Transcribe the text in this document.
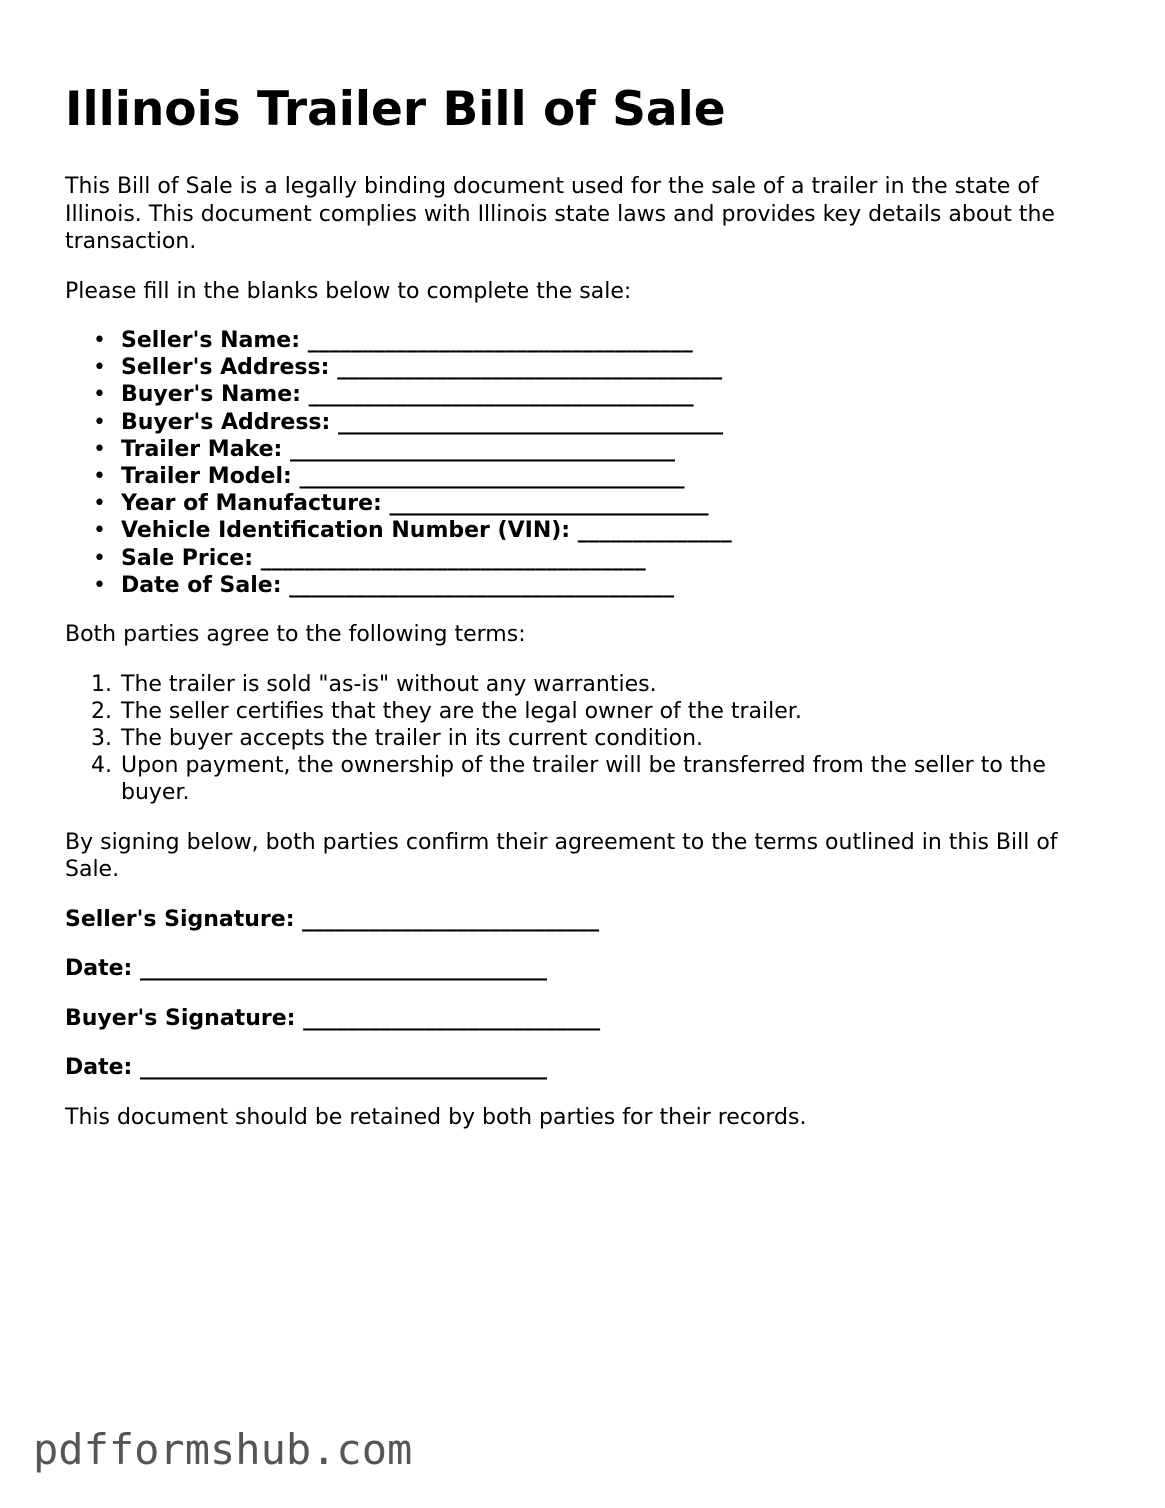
Illinois Trailer Bill of Sale

This Bill of Sale is a legally binding document used for the sale of a trailer in the state of Illinois. This document complies with Illinois state laws and provides key details about the transaction.

Please fill in the blanks below to complete the sale:

• Seller's Name: ___________________________________
• Seller's Address: ___________________________________
• Buyer's Name: ___________________________________
• Buyer's Address: ___________________________________
• Trailer Make: ___________________________________
• Trailer Model: ___________________________________
• Year of Manufacture: _____________________________
• Vehicle Identification Number (VIN): ______________
• Sale Price: ___________________________________
• Date of Sale: ___________________________________

Both parties agree to the following terms:

1. The trailer is sold "as-is" without any warranties.
2. The seller certifies that they are the legal owner of the trailer.
3. The buyer accepts the trailer in its current condition.
4. Upon payment, the ownership of the trailer will be transferred from the seller to the buyer.

By signing below, both parties confirm their agreement to the terms outlined in this Bill of Sale.

Seller's Signature: ___________________________
Date: _____________________________________
Buyer's Signature: ___________________________
Date: _____________________________________

This document should be retained by both parties for their records.

pdfformshub.com
